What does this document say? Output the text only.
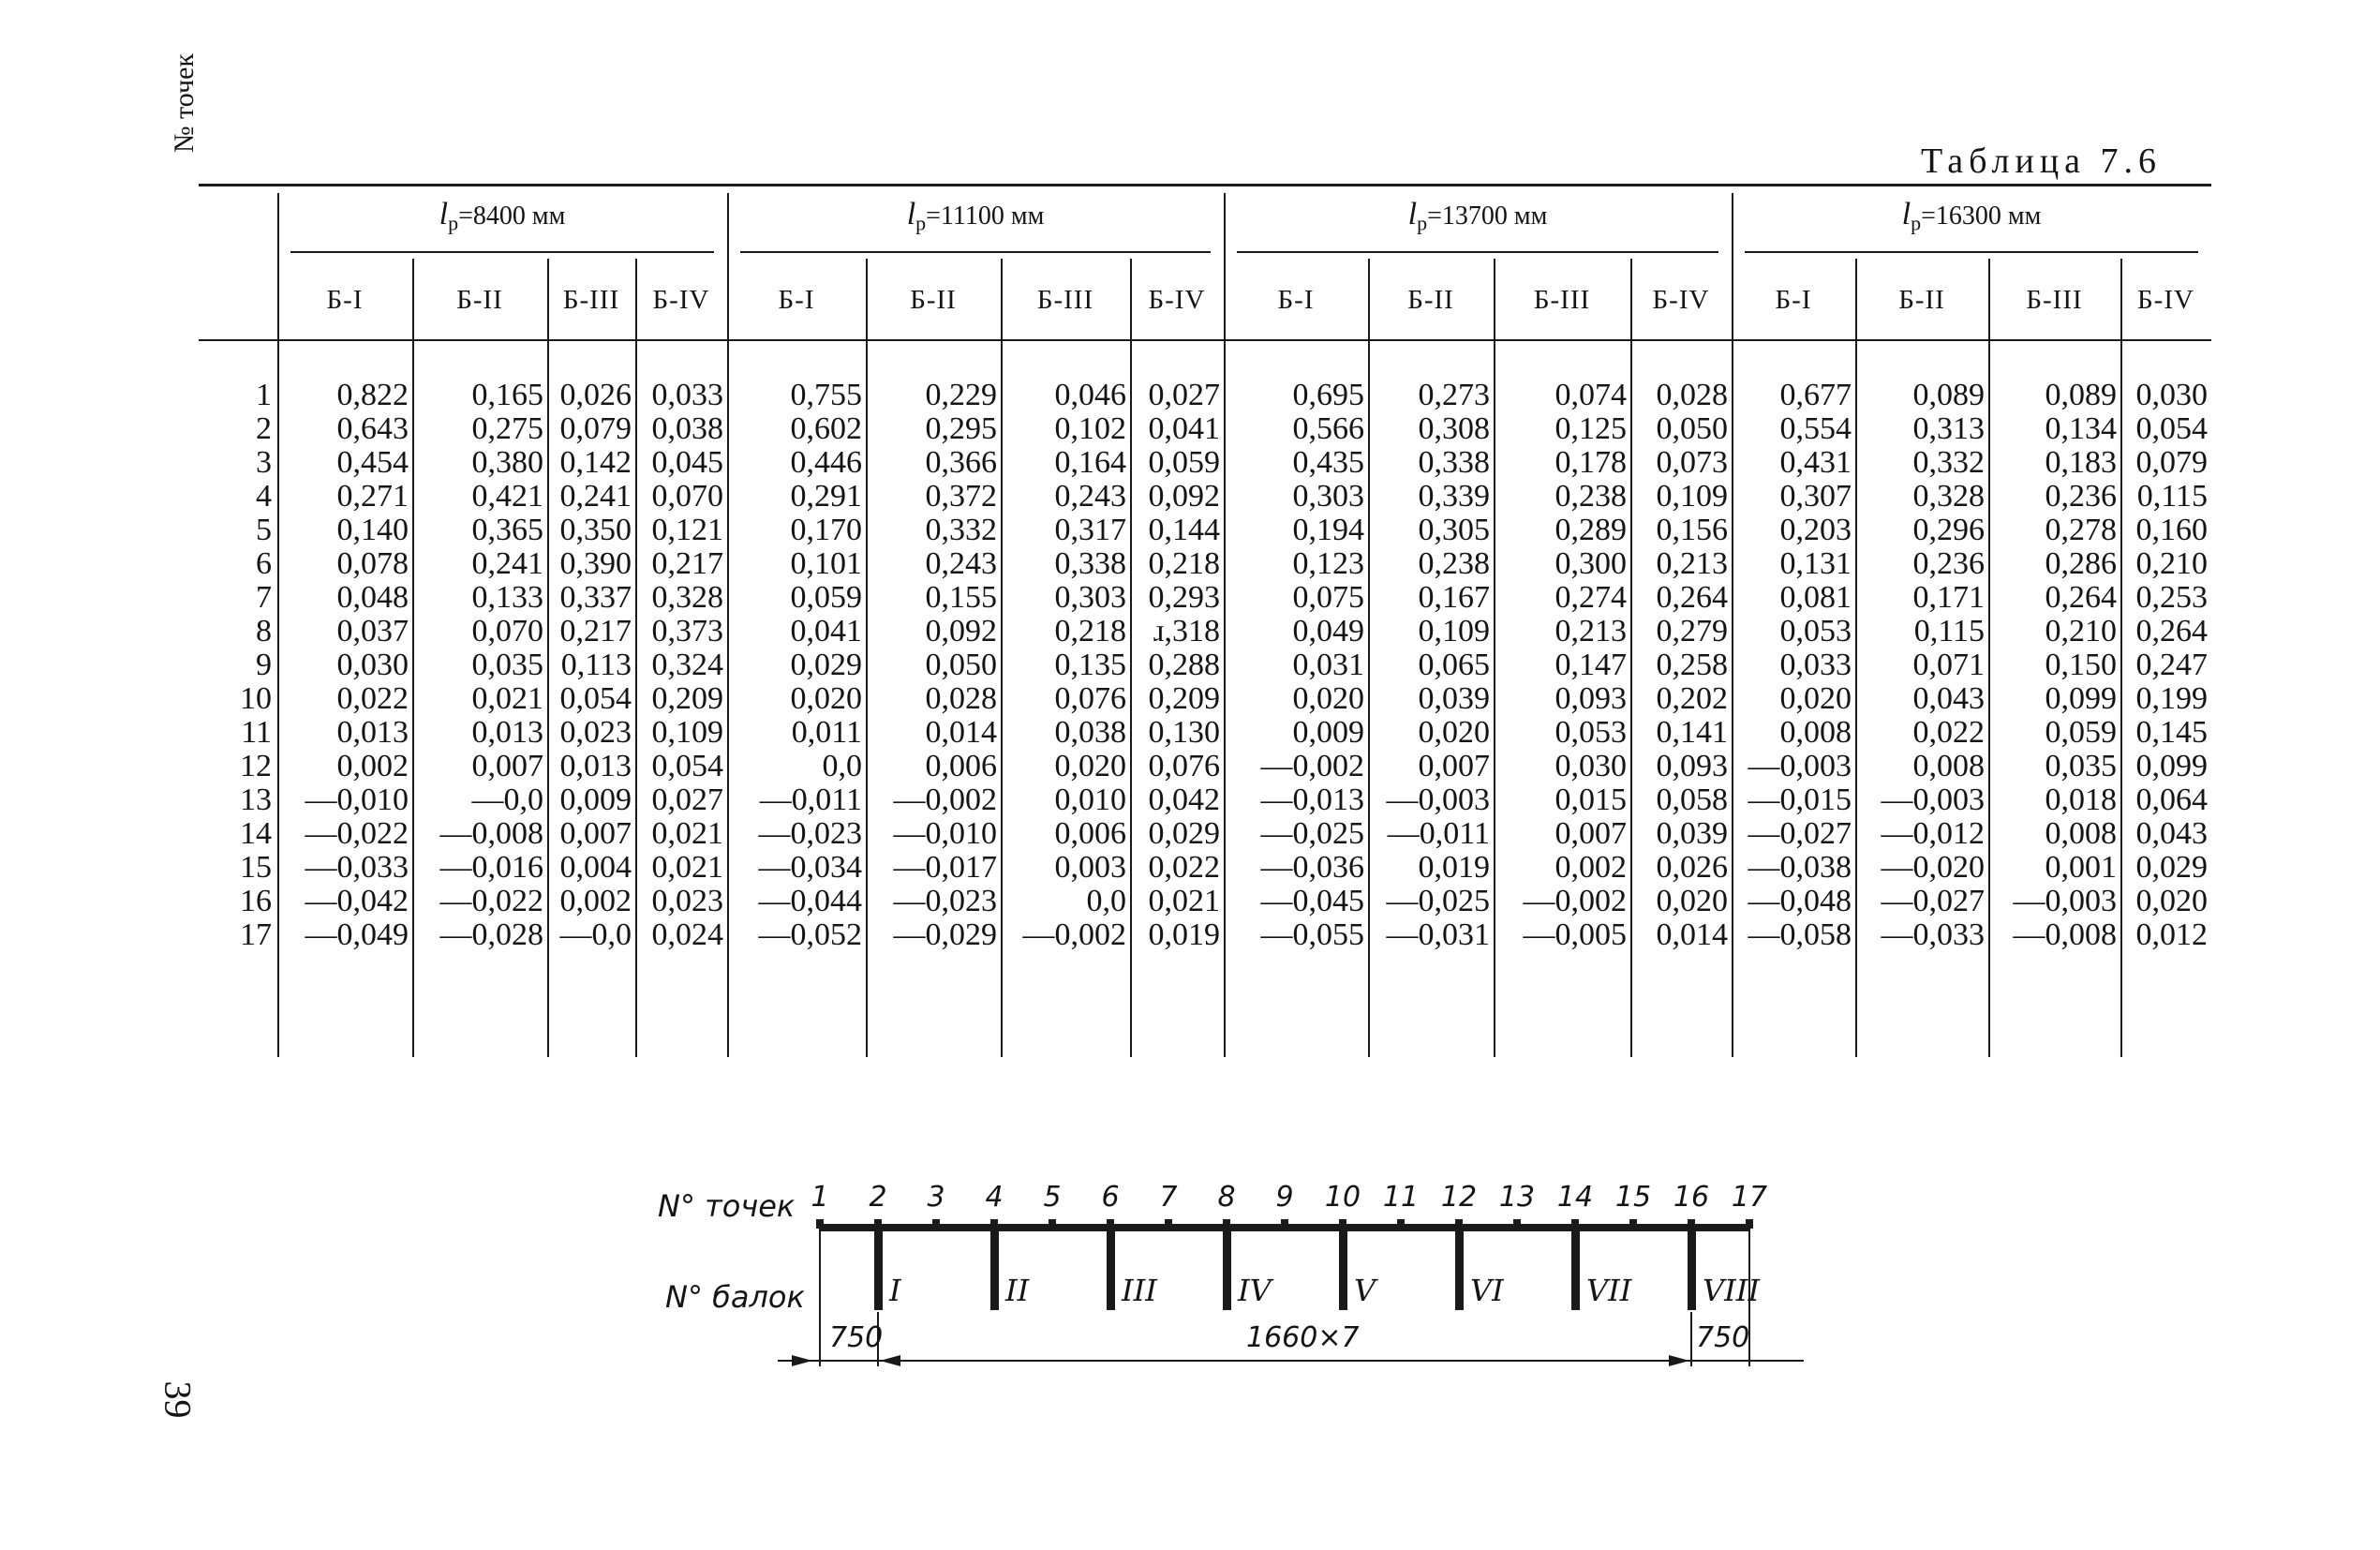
Таблица 7.6
№ точек
$l_р=8400$ мм	$l_р=11100$ мм	$l_р=13700$ мм	$l_р=16300$ мм
Б-I	Б-II	Б-III	Б-IV	Б-I	Б-II	Б-III	Б-IV	Б-I	Б-II	Б-III	Б-IV	Б-I	Б-II	Б-III	Б-IV
1	0,822	0,165 0,026 0,033	0,755	0,229	0,046 0,027	0,695	0,273	0,074 0,028	0,677	0,089	0,089 0,030
2	0,643	0,275 0,079 0,038	0,602	0,295	0,102 0,041	0,566	0,308	0,125 0,050	0,554	0,313	0,134 0,054
3	0,454	0,380 0,142 0,045	0,446	0,366	0,164 0,059	0,435	0,338	0,178 0,073	0,431	0,332	0,183 0,079
4	0,271	0,421 0,241 0,070	0,291	0,372	0,243 0,092	0,303	0,339	0,238 0,109	0,307	0,328	0,236 0,115
5	0,140	0,365 0,350 0,121	0,170	0,332	0,317 0,144	0,194	0,305	0,289 0,156	0,203	0,296	0,278 0,160
6	0,078	0,241 0,390 0,217	0,101	0,243	0,338 0,218	0,123	0,238	0,300 0,213	0,131	0,236	0,286 0,210
7	0,048	0,133 0,337 0,328	0,059	0,155	0,303 0,293	0,075	0,167	0,274 0,264	0,081	0,171	0,264 0,253
8	0,037	0,070 0,217 0,373	0,041	0,092	0,218 ɹ,318	0,049	0,109	0,213 0,279	0,053	0,115	0,210 0,264
9	0,030	0,035 0,113 0,324	0,029	0,050	0,135 0,288	0,031	0,065	0,147 0,258	0,033	0,071	0,150 0,247
10	0,022	0,021 0,054 0,209	0,020	0,028	0,076 0,209	0,020	0,039	0,093 0,202	0,020	0,043	0,099 0,199
11	0,013	0,013 0,023 0,109	0,011	0,014	0,038 0,130	0,009	0,020	0,053 0,141	0,008	0,022	0,059 0,145
12	0,002	0,007 0,013 0,054	0,0	0,006	0,020 0,076	—0,002	0,007	0,030 0,093 —0,003	0,008	0,035 0,099
13	—0,010	—0,0 0,009 0,027	—0,011 —0,002	0,010 0,042	—0,013 —0,003	0,015 0,058 —0,015 —0,003	0,018 0,064
14	—0,022 —0,008 0,007 0,021	—0,023 —0,010	0,006 0,029	—0,025 —0,011	0,007 0,039 —0,027 —0,012	0,008 0,043
15	—0,033 —0,016 0,004 0,021	—0,034 —0,017	0,003 0,022	—0,036	0,019	0,002 0,026 —0,038 —0,020	0,001 0,029
16	—0,042 —0,022 0,002 0,023	—0,044 —0,023	0,0 0,021	—0,045 —0,025	—0,002 0,020 —0,048 —0,027 —0,003 0,020
17	—0,049 —0,028 —0,0 0,024	—0,052 —0,029 —0,002 0,019	—0,055 —0,031	—0,005 0,014 —0,058 —0,033 —0,008 0,012
39
N° точек
N° балок
1	2	3	4	5	6	7	8	9	10 11 12 13 14 15 16 17
I	II	III	IV	V	VI	VII VIII
750	1660×7	750
